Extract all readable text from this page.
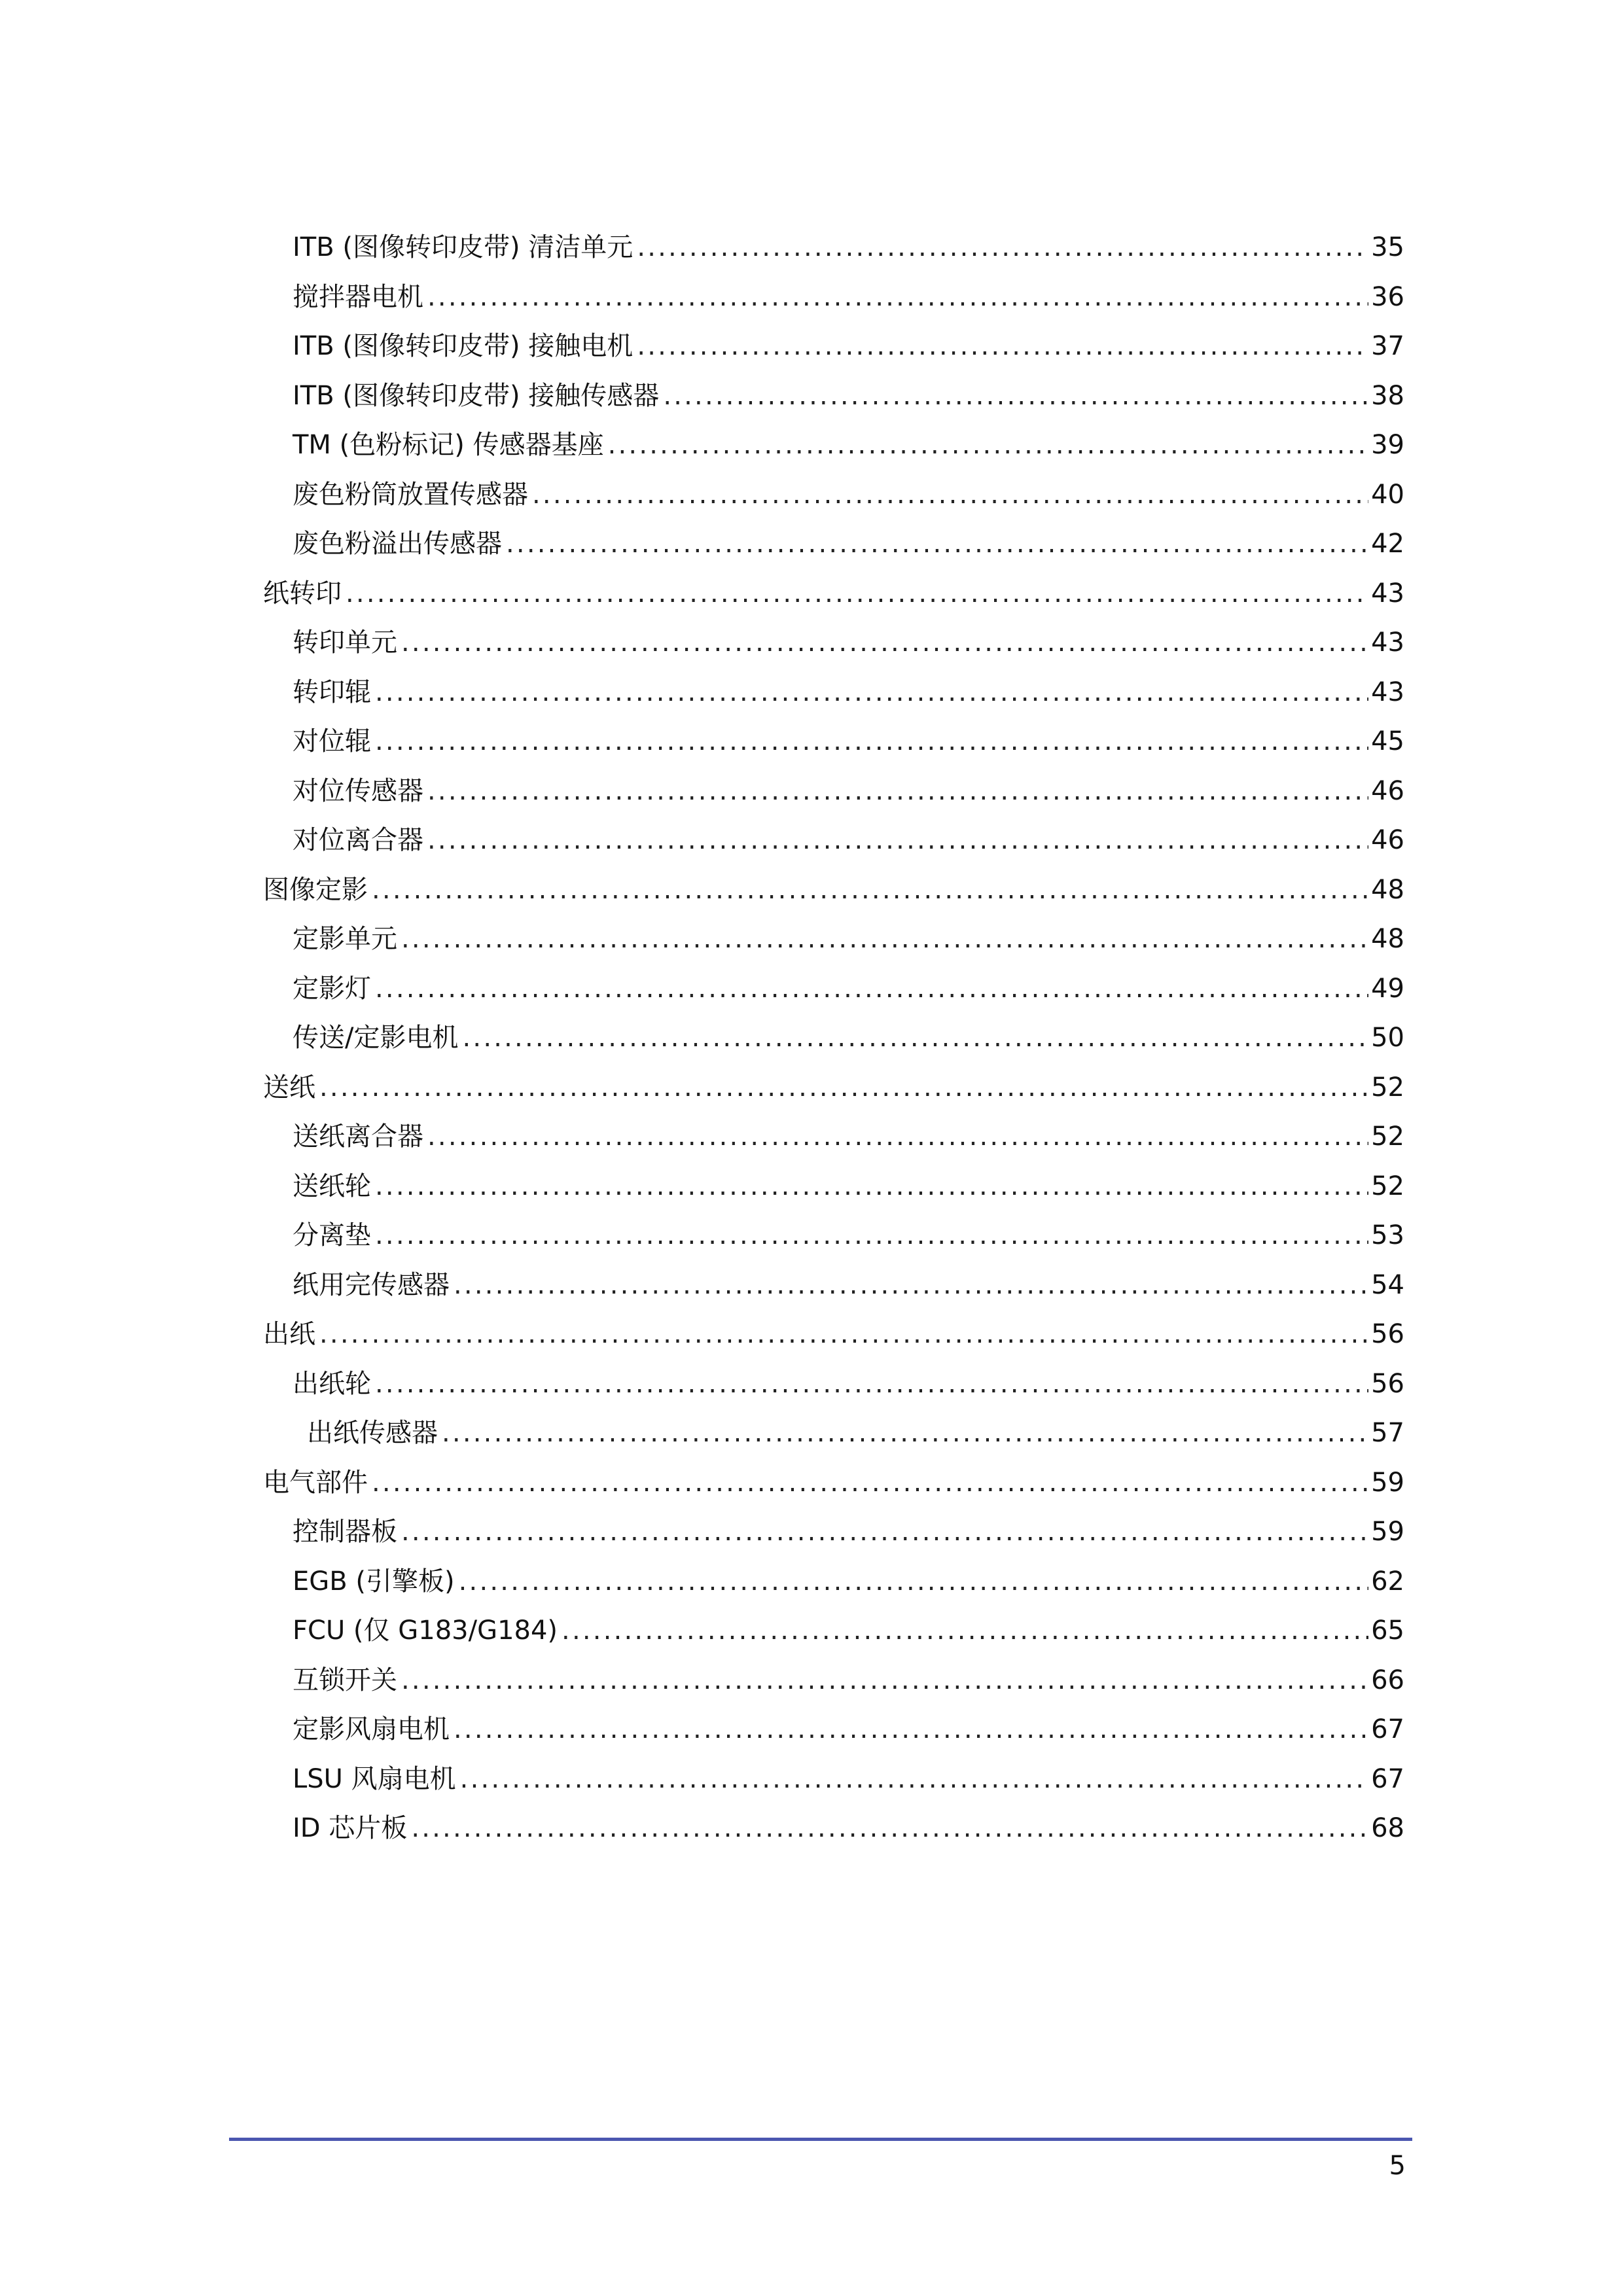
ITB (图像转印皮带) 清洁单元 .....	35
搅拌器电机 .....	36
ITB (图像转印皮带) 接触电机 .....	37
ITB (图像转印皮带) 接触传感器 .....	38
TM (色粉标记) 传感器基座 .....	39
废色粉筒放置传感器 .....	40
废色粉溢出传感器 .....	42
纸转印 .....	43
转印单元 .....	43
转印辊 .....	43
对位辊 .....	45
对位传感器 .....	46
对位离合器 .....	46
图像定影 .....	48
定影单元 .....	48
定影灯 .....	49
传送/定影电机 .....	50
送纸 .....	52
送纸离合器 .....	52
送纸轮 .....	52
分离垫 .....	53
纸用完传感器 .....	54
出纸 .....	56
出纸轮 .....	56
出纸传感器 .....	57
电气部件 .....	59
控制器板 .....	59
EGB (引擎板) .....	62
FCU (仅 G183/G184) .....	65
互锁开关 .....	66
定影风扇电机 .....	67
LSU 风扇电机 .....	67
ID 芯片板 .....	68
5
